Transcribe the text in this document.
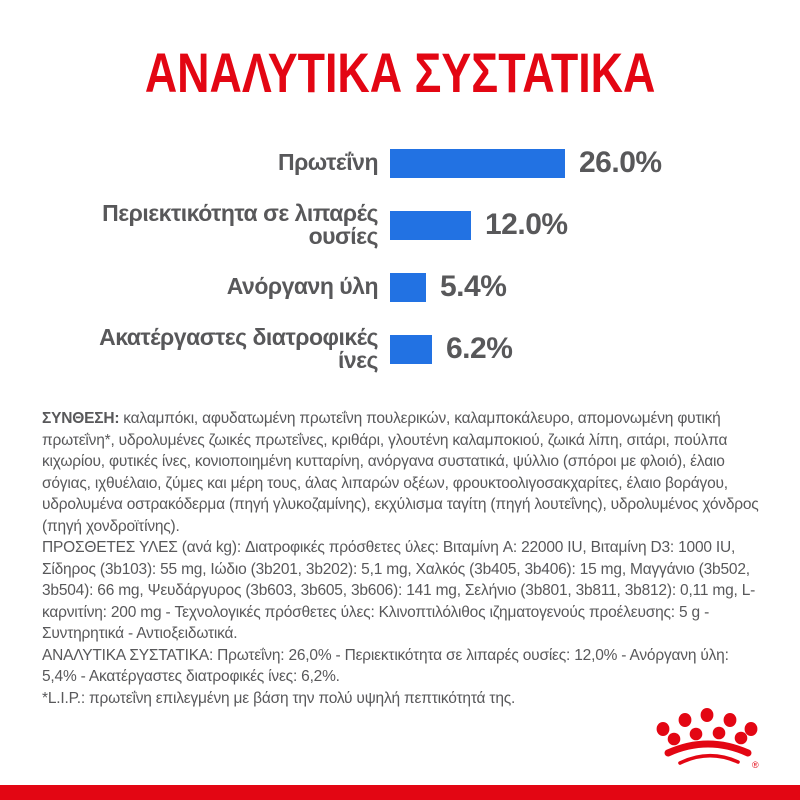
ΑΝΑΛΥΤΙΚΑ ΣΥΣΤΑΤΙΚΑ
Πρωτεΐνη	26.0%
Περιεκτικότητα σε λιπαρές
ουσίες	12.0%
Ανόργανη ύλη 5.4%
Ακατέργαστες διατροφικές
ίνες 6.2%

ΣΥΝΘΕΣΗ: καλαμπόκι, αφυδατωμένη πρωτεΐνη πουλερικών, καλαμποκάλευρο, απομονωμένη φυτική πρωτεΐνη*, υδρολυμένες ζωικές πρωτεΐνες, κριθάρι, γλουτένη καλαμποκιού, ζωικά λίπη, σιτάρι, πούλπα κιχωρίου, φυτικές ίνες, κονιοποιημένη κυτταρίνη, ανόργανα συστατικά, ψύλλιο (σπόροι με φλοιό), έλαιο σόγιας, ιχθυέλαιο, ζύμες και μέρη τους, άλας λιπαρών οξέων, φρουκτοολιγοσακχαρίτες, έλαιο βοράγου, υδρολυμένα οστρακόδερμα (πηγή γλυκοζαμίνης), εκχύλισμα ταγίτη (πηγή λουτεΐνης), υδρολυμένος χόνδρος (πηγή χονδροϊτίνης).

ΠΡΟΣΘΕΤΕΣ ΥΛΕΣ (ανά kg): Διατροφικές πρόσθετες ύλες: Βιταμίνη A: 22000 IU, Βιταμίνη D3: 1000 IU, Σίδηρος (3b103): 55 mg, Ιώδιο (3b201, 3b202): 5,1 mg, Χαλκός (3b405, 3b406): 15 mg, Μαγγάνιο (3b502, 3b504): 66 mg, Ψευδάργυρος (3b603, 3b605, 3b606): 141 mg, Σελήνιο (3b801, 3b811, 3b812): 0,11 mg, L-καρνιτίνη: 200 mg - Τεχνολογικές πρόσθετες ύλες: Κλινοπτιλόλιθος ιζηματογενούς προέλευσης: 5 g - Συντηρητικά - Αντιοξειδωτικά.

ΑΝΑΛΥΤΙΚΑ ΣΥΣΤΑΤΙΚΑ: Πρωτεΐνη: 26,0% - Περιεκτικότητα σε λιπαρές ουσίες: 12,0% - Ανόργανη ύλη: 5,4% - Ακατέργαστες διατροφικές ίνες: 6,2%.

*L.I.P.: πρωτεΐνη επιλεγμένη με βάση την πολύ υψηλή πεπτικότητά της.

®
